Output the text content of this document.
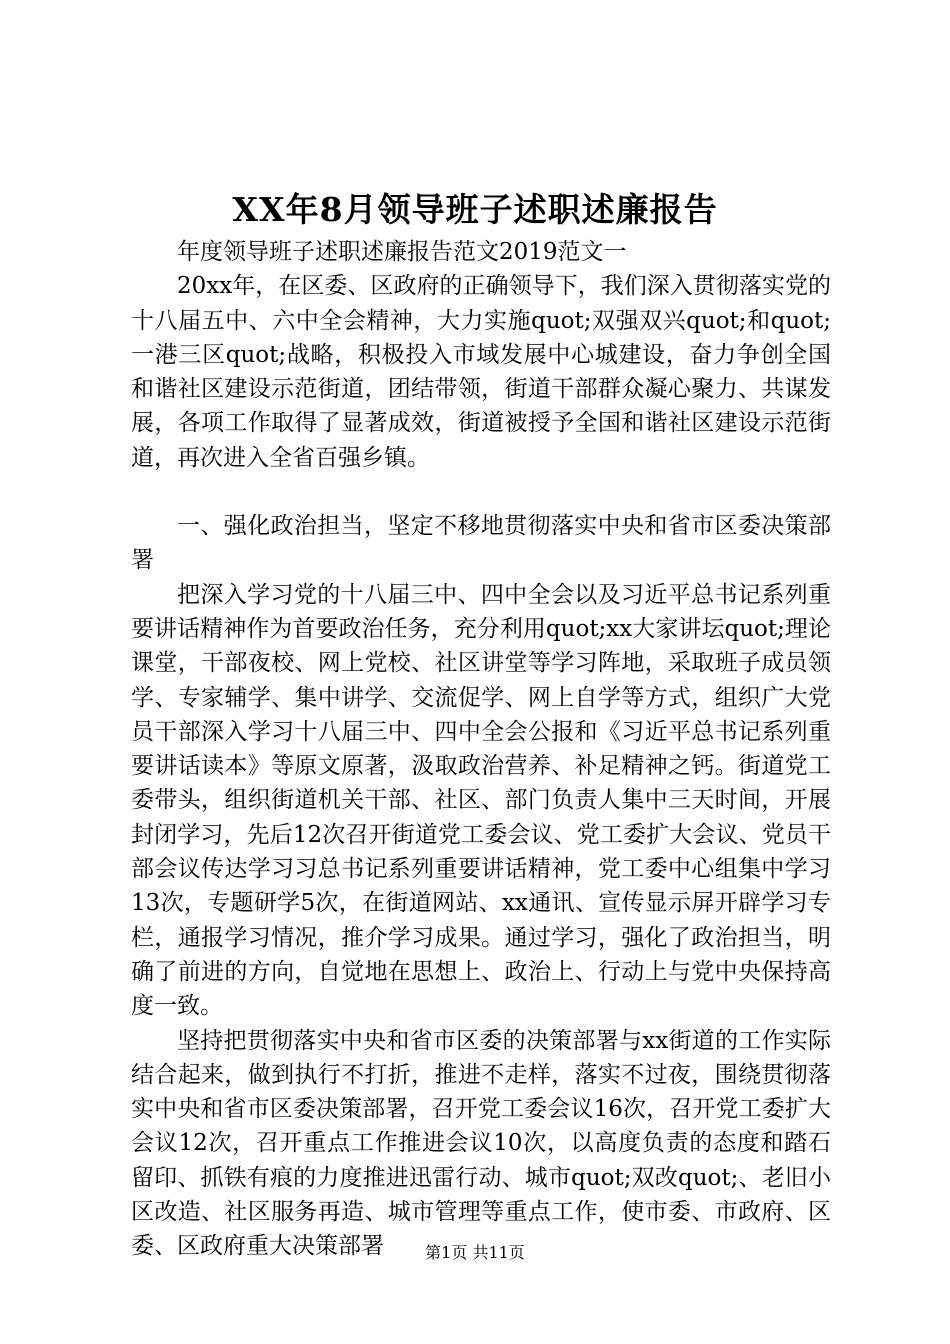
XX年8月领导班子述职述廉报告

年度领导班子述职述廉报告范文2019范文一

20xx年，在区委、区政府的正确领导下，我们深入贯彻落实党的十八届五中、六中全会精神，大力实施quot;双强双兴quot;和quot;一港三区quot;战略，积极投入市域发展中心城建设，奋力争创全国和谐社区建设示范街道，团结带领，街道干部群众凝心聚力、共谋发展，各项工作取得了显著成效，街道被授予全国和谐社区建设示范街道，再次进入全省百强乡镇。

一、强化政治担当，坚定不移地贯彻落实中央和省市区委决策部署

把深入学习党的十八届三中、四中全会以及习近平总书记系列重要讲话精神作为首要政治任务，充分利用quot;xx大家讲坛quot;理论课堂，干部夜校、网上党校、社区讲堂等学习阵地，采取班子成员领学、专家辅学、集中讲学、交流促学、网上自学等方式，组织广大党员干部深入学习十八届三中、四中全会公报和《习近平总书记系列重要讲话读本》等原文原著，汲取政治营养、补足精神之钙。街道党工委带头，组织街道机关干部、社区、部门负责人集中三天时间，开展封闭学习，先后12次召开街道党工委会议、党工委扩大会议、党员干部会议传达学习习总书记系列重要讲话精神，党工委中心组集中学习13次，专题研学5次，在街道网站、xx通讯、宣传显示屏开辟学习专栏，通报学习情况，推介学习成果。通过学习，强化了政治担当，明确了前进的方向，自觉地在思想上、政治上、行动上与党中央保持高度一致。

坚持把贯彻落实中央和省市区委的决策部署与xx街道的工作实际结合起来，做到执行不打折，推进不走样，落实不过夜，围绕贯彻落实中央和省市区委决策部署，召开党工委会议16次，召开党工委扩大会议12次，召开重点工作推进会议10次，以高度负责的态度和踏石留印、抓铁有痕的力度推进迅雷行动、城市quot;双改quot;、老旧小区改造、社区服务再造、城市管理等重点工作，使市委、市政府、区委、区政府重大决策部署	第1页 共11页
